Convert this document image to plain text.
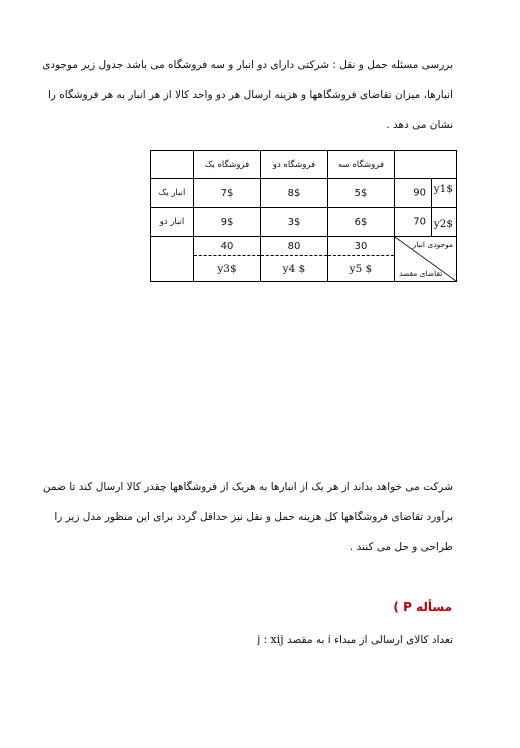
بررسی مسئله حمل و نقل : شرکتی دارای دو انبار و سه فروشگاه می باشد جدول زیر موجودی
انبارها، میزان تقاضای فروشگاهها و هزینه ارسال هر دو واحد کالا از هر انبار به هر فروشگاه را
نشان می دهد .
	فروشگاه یک	فروشگاه دو	فروشگاه سه	
انبار یک	7$	8$	5$	90 y1$

انبار دو	9$	3$	6$	70 y2$

	40	80	30	موجودی انبار
تقاضای مقصد

	y3$	y4 $	y5 $	
شرکت می خواهد بداند از هر یک از انبارها به هریک از فروشگاهها چقدر کالا ارسال کند تا ضمن
برآورد تقاضای فروشگاهها کل هزینه حمل و نقل نیز حداقل گردد برای این منظور مدل زیر را
طراحی و حل می کنند .
مسأله P )
تعداد کالای ارسالی از مبداء i به مقصد j : xij
